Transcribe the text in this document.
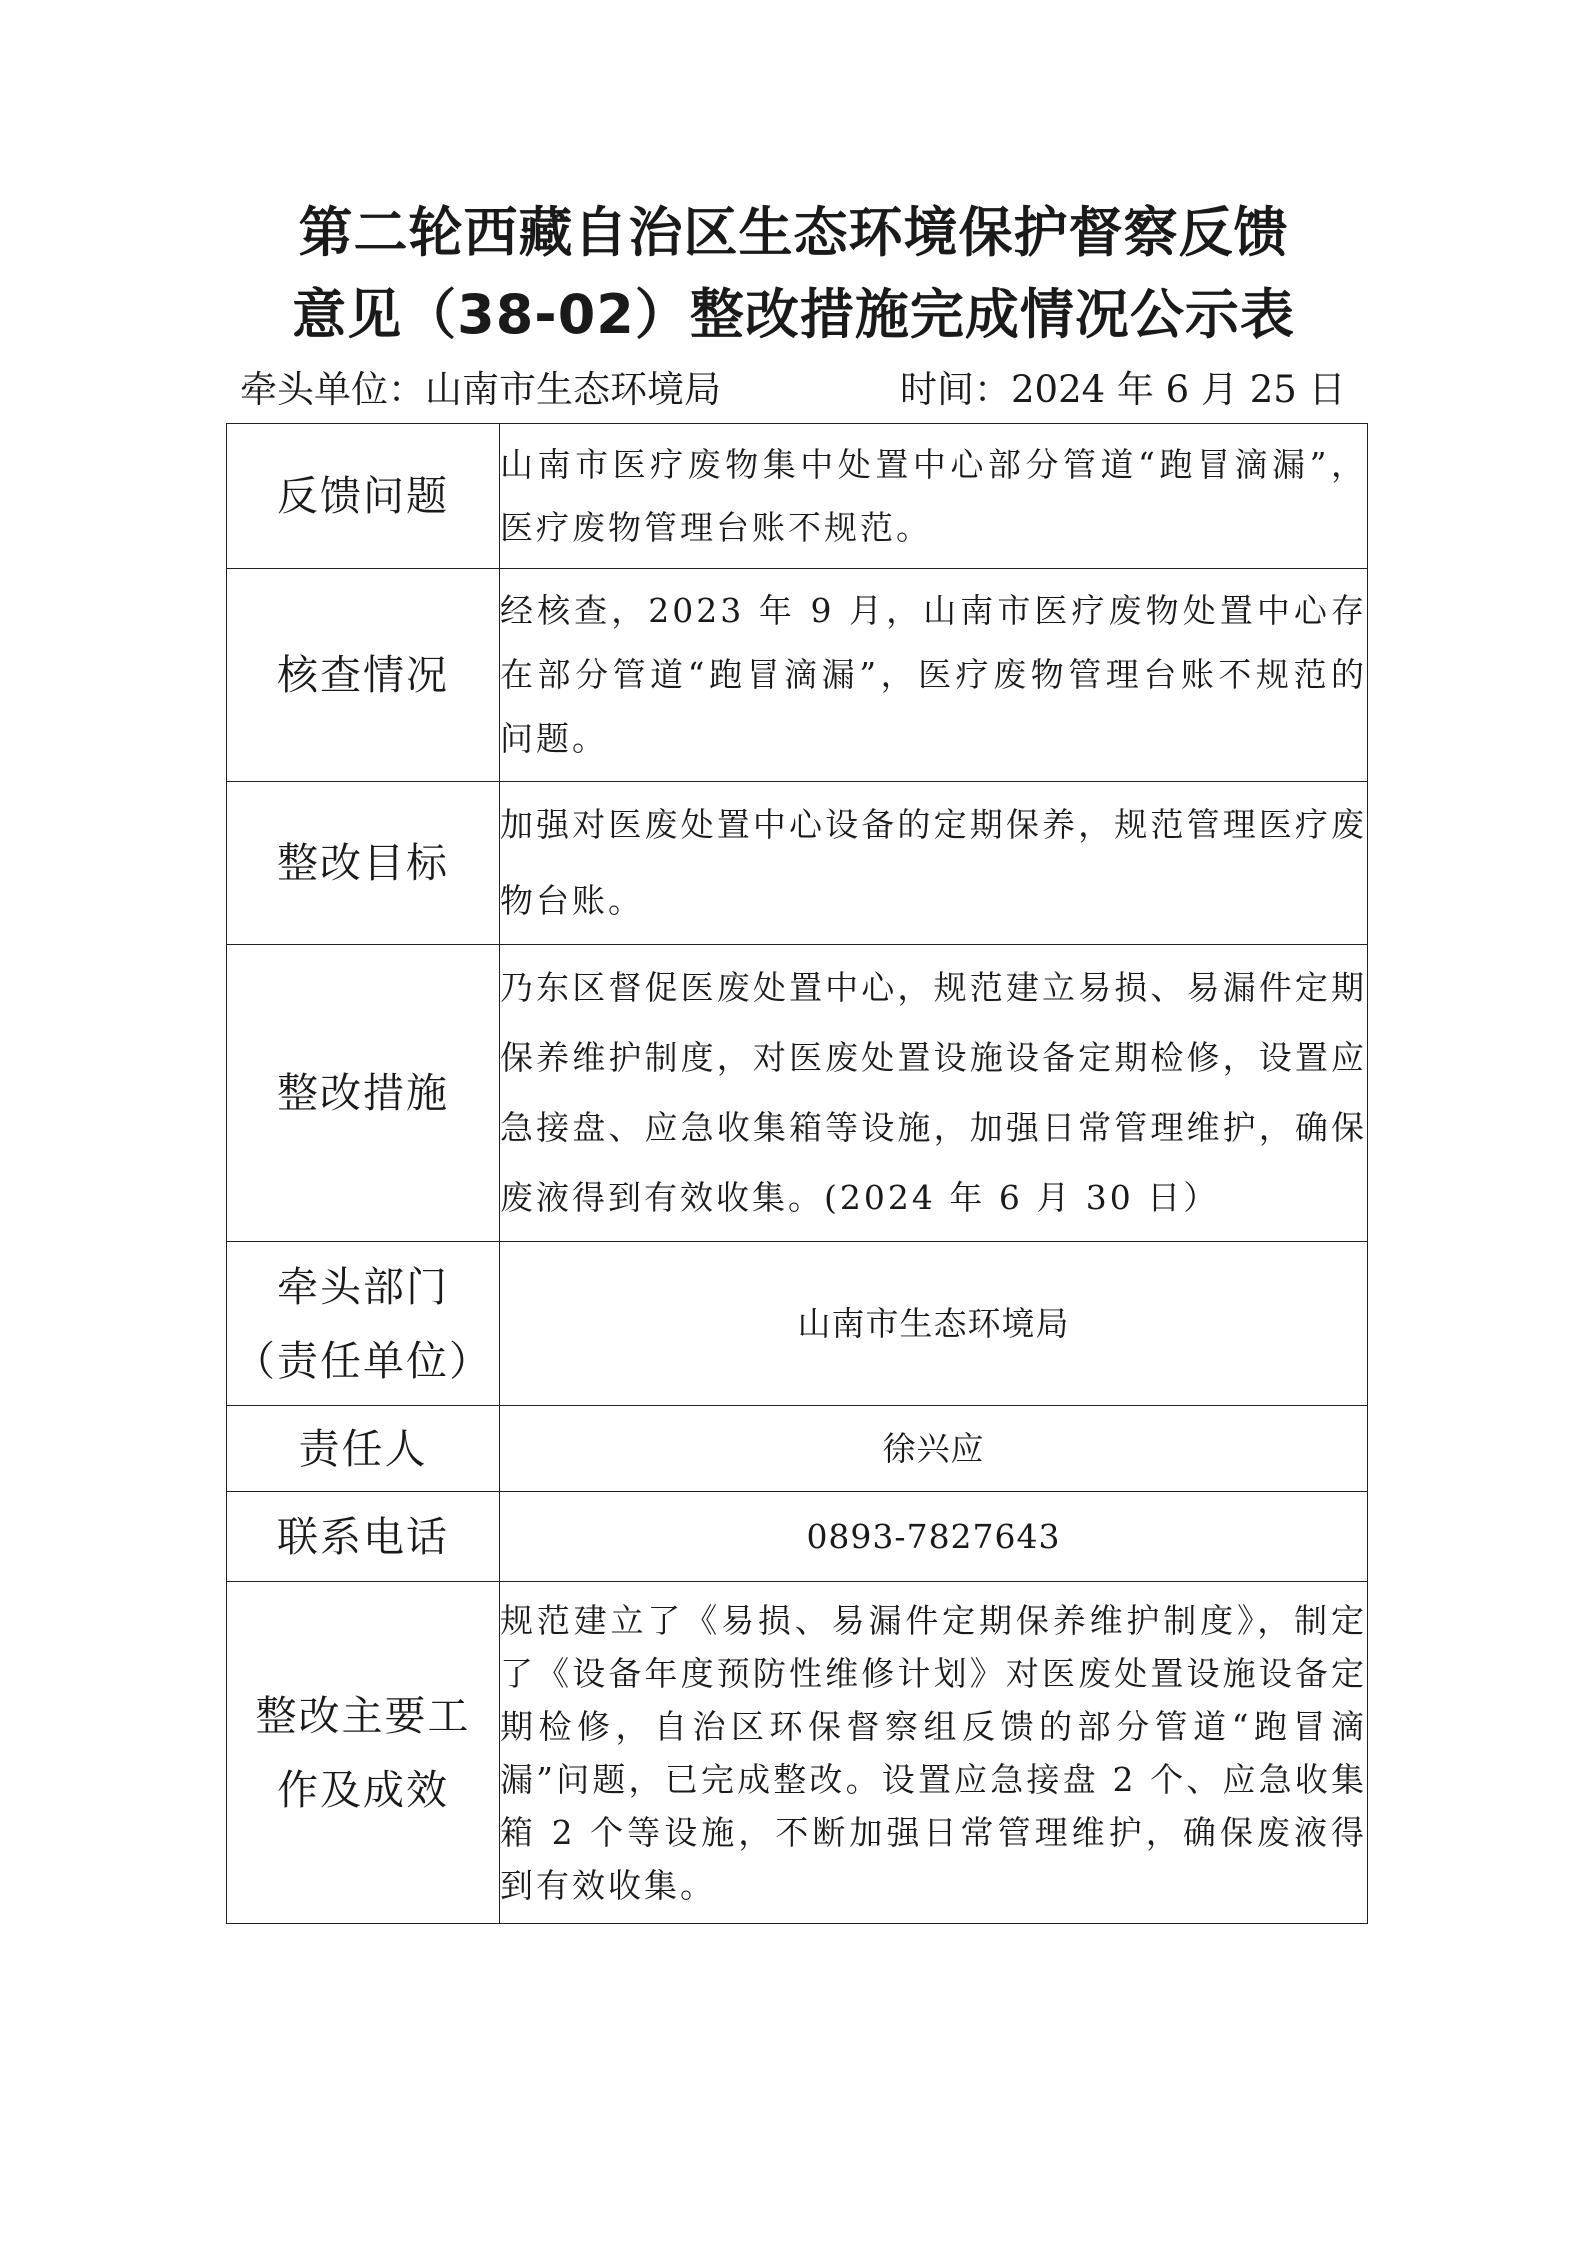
第二轮西藏自治区生态环境保护督察反馈
意见（38-02）整改措施完成情况公示表
牵头单位：山南市生态环境局	时间：2024 年 6 月 25 日
反馈问题	山南市医疗废物集中处置中心部分管道“跑冒滴漏”，医疗废物管理台账不规范。
核查情况	经核查，2023 年 9 月，山南市医疗废物处置中心存在部分管道“跑冒滴漏”，医疗废物管理台账不规范的问题。
整改目标	加强对医废处置中心设备的定期保养，规范管理医疗废物台账。
整改措施	乃东区督促医废处置中心，规范建立易损、易漏件定期保养维护制度，对医废处置设施设备定期检修，设置应急接盘、应急收集箱等设施，加强日常管理维护，确保废液得到有效收集。(2024 年 6 月 30 日）

牵头部门
（责任单位）	山南市生态环境局
责任人	徐兴应
联系电话	0893-7827643

整改主要工
作及成效	规范建立了《易损、易漏件定期保养维护制度》，制定了《设备年度预防性维修计划》对医废处置设施设备定期检修，自治区环保督察组反馈的部分管道“跑冒滴漏”问题，已完成整改。设置应急接盘 2 个、应急收集箱 2 个等设施，不断加强日常管理维护，确保废液得到有效收集。
